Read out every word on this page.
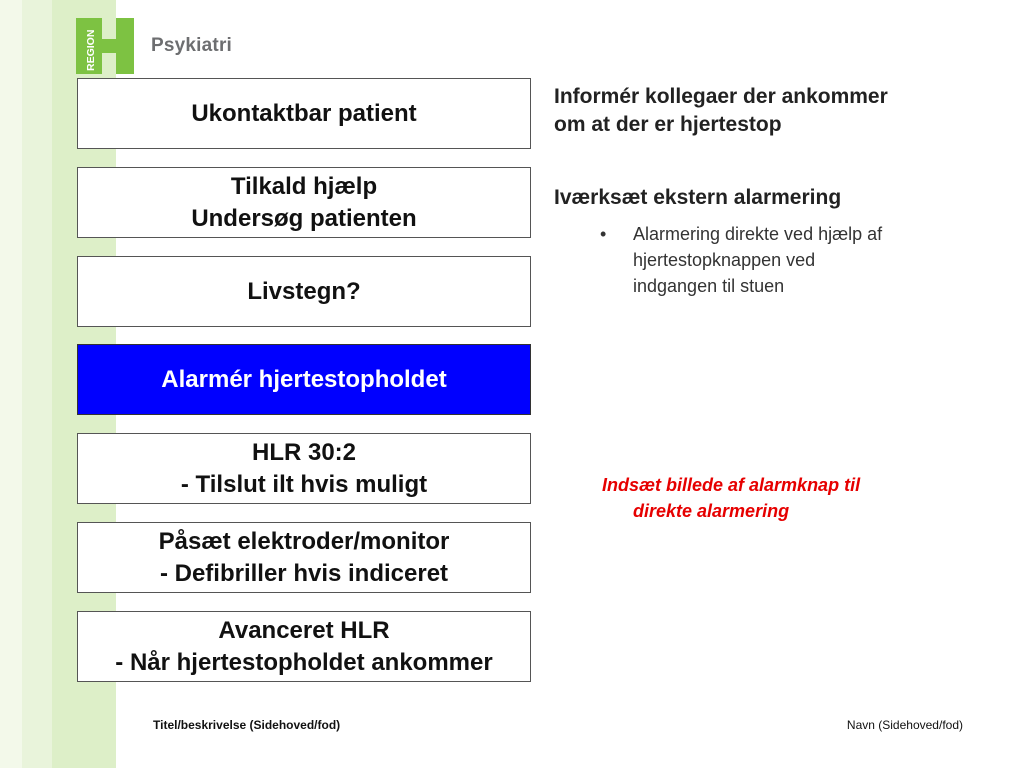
REGION	Psykiatri
Ukontaktbar patient
Tilkald hjælp
Undersøg patienten
Livstegn?
Alarmér hjertestopholdet
HLR 30:2
- Tilslut ilt hvis muligt
Påsæt elektroder/monitor
- Defibriller hvis indiceret
Avanceret HLR
- Når hjertestopholdet ankommer
Informér kollegaer der ankommer
om at der er hjertestop
Iværksæt ekstern alarmering
•	Alarmering direkte ved hjælp af
hjertestopknappen ved
indgangen til stuen
Indsæt billede af alarmknap til
direkte alarmering
Titel/beskrivelse (Sidehoved/fod)	Navn (Sidehoved/fod)
